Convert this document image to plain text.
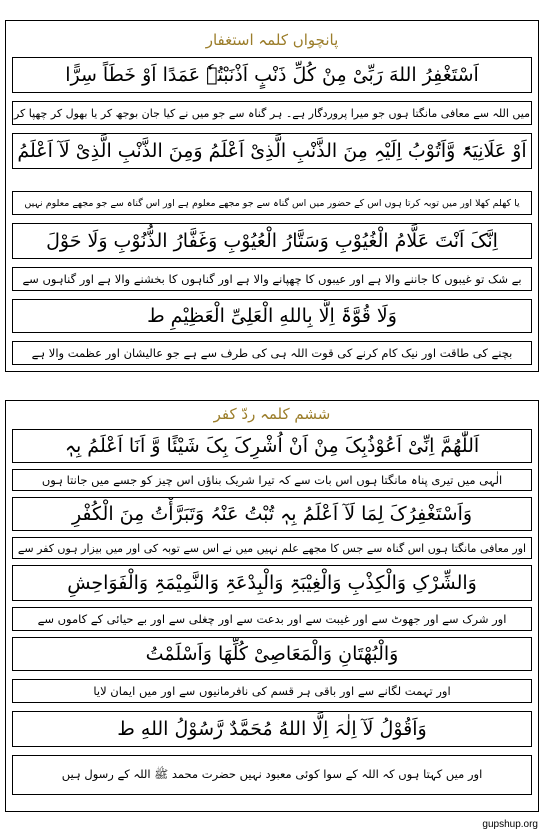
پانچواں کلمہ استغفار
اَسْتَغْفِرُ اللهَ رَبِّیْ مِنْ کُلِّ ذَنْبٍ اَذْنَبْتُہٗ عَمَدًا اَوْ خَطَاً سِرًّا
میں اللہ سے معافی مانگتا ہوں جو میرا پروردگار ہے۔ ہر گناہ سے جو میں نے کیا جان بوجھ کر یا بھول کر چھپا کر
اَوْ عَلَانِیَۃً وَّاَتُوْبُ اِلَیْہِ مِنَ الذَّنْبِ الَّذِیْ اَعْلَمُ وَمِنَ الذَّنْبِ الَّذِیْ لَآ اَعْلَمُ
یا کھلم کھلا اور میں توبہ کرتا ہوں اس کے حضور میں اس گناہ سے جو مجھے معلوم ہے اور اس گناہ سے جو مجھے معلوم نہیں
اِنَّکَ اَنْتَ عَلَّامُ الْغُیُوْبِ وَسَتَّارُ الْعُیُوْبِ وَغَفَّارُ الذُّنُوْبِ وَلَا حَوْلَ
بے شک تو غیبوں کا جاننے والا ہے اور عیبوں کا چھپانے والا ہے اور گناہوں کا بخشنے والا ہے اور گناہوں سے
وَلَا قُوَّۃَ اِلَّا بِاللهِ الْعَلِیِّ الْعَظِیْمِ ط
بچنے کی طاقت اور نیک کام کرنے کی قوت اللہ ہی کی طرف سے ہے جو عالیشان اور عظمت والا ہے
ششم کلمہ ردّ کفر
اَللّٰھُمَّ اِنِّیْ اَعُوْذُبِکَ مِنْ اَنْ اُشْرِکَ بِکَ شَیْئًا وَّ اَنَا اَعْلَمُ بِہٖ
الٰہی میں تیری پناہ مانگتا ہوں اس بات سے کہ تیرا شریک بناؤں اس چیز کو جسے میں جانتا ہوں
وَاَسْتَغْفِرُکَ لِمَا لَآ اَعْلَمُ بِہٖ تُبْتُ عَنْہُ وَتَبَرَّأْتُ مِنَ الْکُفْرِ
اور معافی مانگتا ہوں اس گناہ سے جس کا مجھے علم نہیں میں نے اس سے توبہ کی اور میں بیزار ہوں کفر سے
وَالشِّرْکِ وَالْکِذْبِ وَالْغِیْبَۃِ وَالْبِدْعَۃِ وَالنَّمِیْمَۃِ وَالْفَوَاحِشِ
اور شرک سے اور جھوٹ سے اور غیبت سے اور بدعت سے اور چغلی سے اور بے حیائی کے کاموں سے
وَالْبُھْتَانِ وَالْمَعَاصِیْ کُلِّھَا وَاَسْلَمْتُ
اور تہمت لگانے سے اور باقی ہر قسم کی نافرمانیوں سے اور میں ایمان لایا
وَاَقُوْلُ لَآ اِلٰہَ اِلَّا اللهُ مُحَمَّدٌ رَّسُوْلُ اللهِ ط
اور میں کہتا ہوں کہ اللہ کے سوا کوئی معبود نہیں حضرت محمد ﷺ اللہ کے رسول ہیں
gupshup.org
